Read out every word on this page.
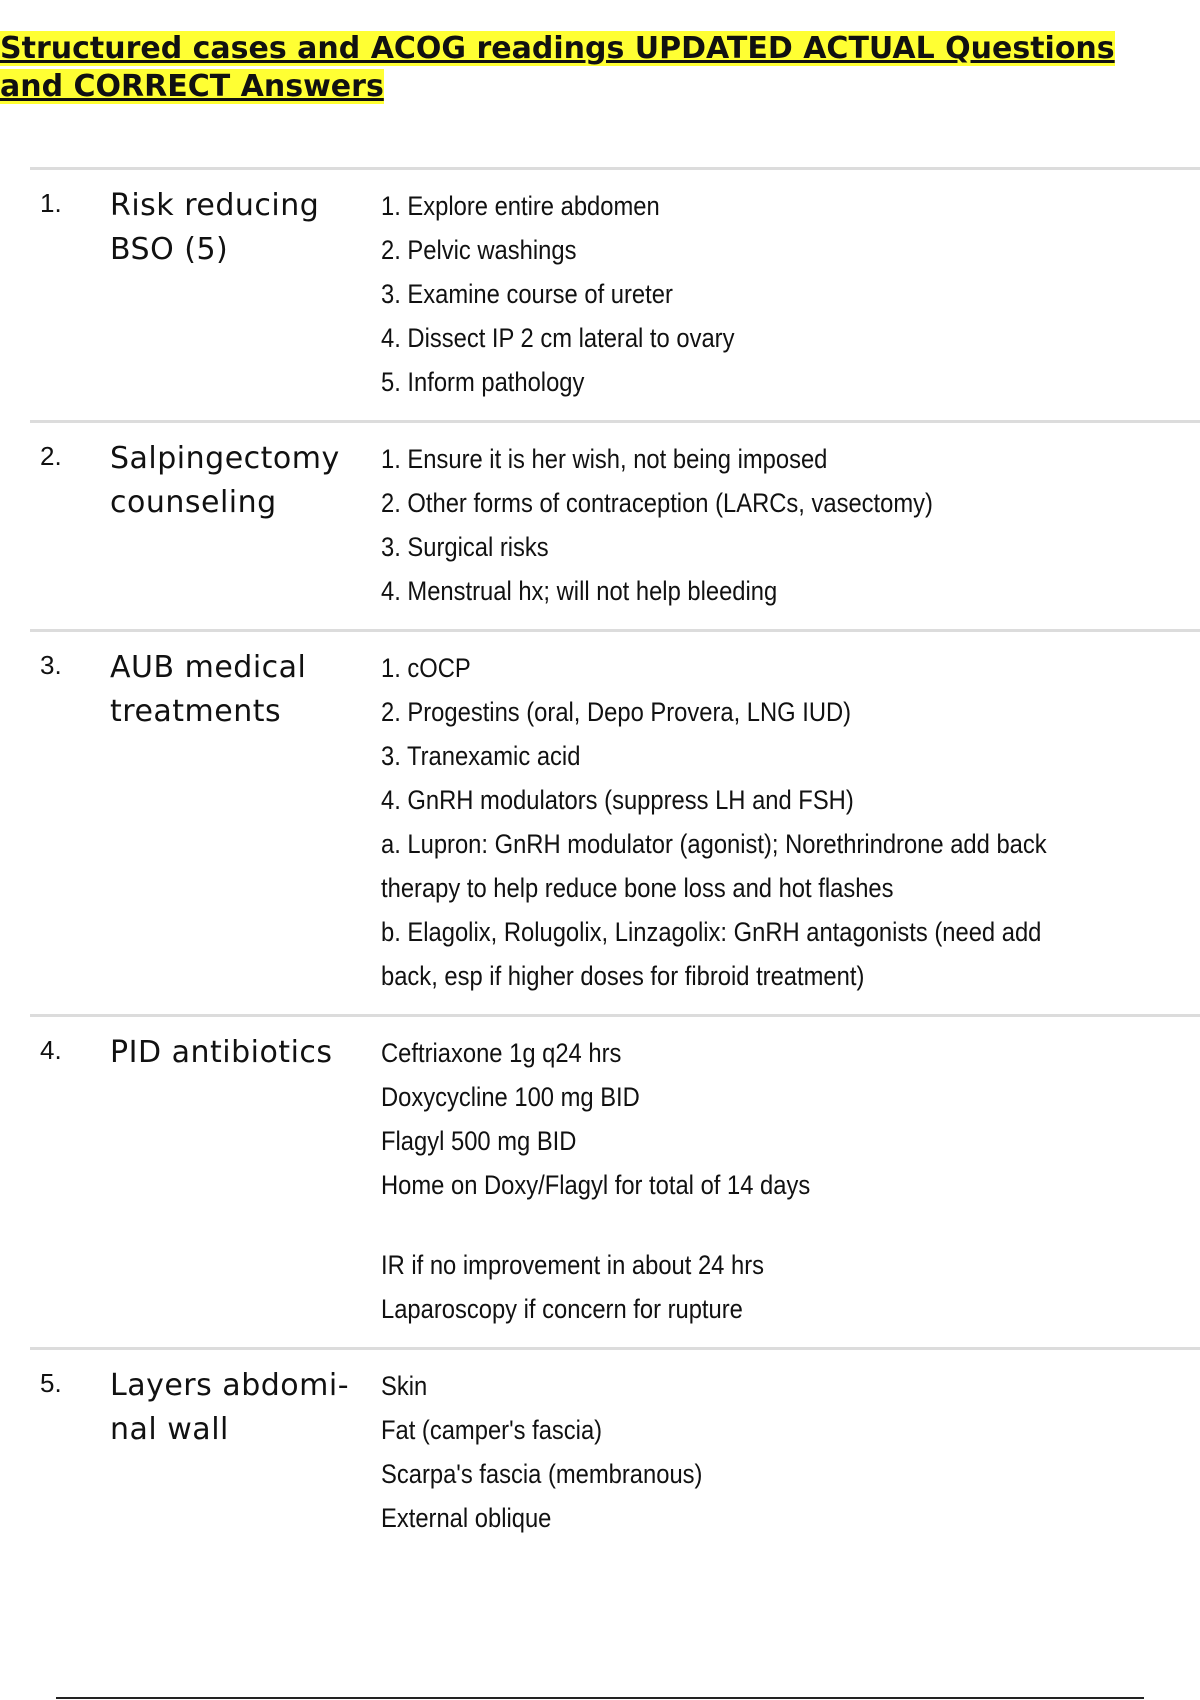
Structured cases and ACOG readings UPDATED ACTUAL Questions and CORRECT Answers
1.	Risk reducing BSO (5)
1. Explore entire abdomen
2. Pelvic washings
3. Examine course of ureter
4. Dissect IP 2 cm lateral to ovary
5. Inform pathology
2.	Salpingectomy counseling
1. Ensure it is her wish, not being imposed
2. Other forms of contraception (LARCs, vasectomy)
3. Surgical risks
4. Menstrual hx; will not help bleeding
3.	AUB medical treatments
1. cOCP
2. Progestins (oral, Depo Provera, LNG IUD)
3. Tranexamic acid
4. GnRH modulators (suppress LH and FSH)
a. Lupron: GnRH modulator (agonist); Norethrindrone add back therapy to help reduce bone loss and hot flashes
b. Elagolix, Rolugolix, Linzagolix: GnRH antagonists (need add back, esp if higher doses for fibroid treatment)
4.	PID antibiotics	Ceftriaxone 1g q24 hrs
Doxycycline 100 mg BID
Flagyl 500 mg BID
Home on Doxy/Flagyl for total of 14 days
IR if no improvement in about 24 hrs
Laparoscopy if concern for rupture
5.	Layers abdomi-nal wall
Skin
Fat (camper's fascia)
Scarpa's fascia (membranous)
External oblique
